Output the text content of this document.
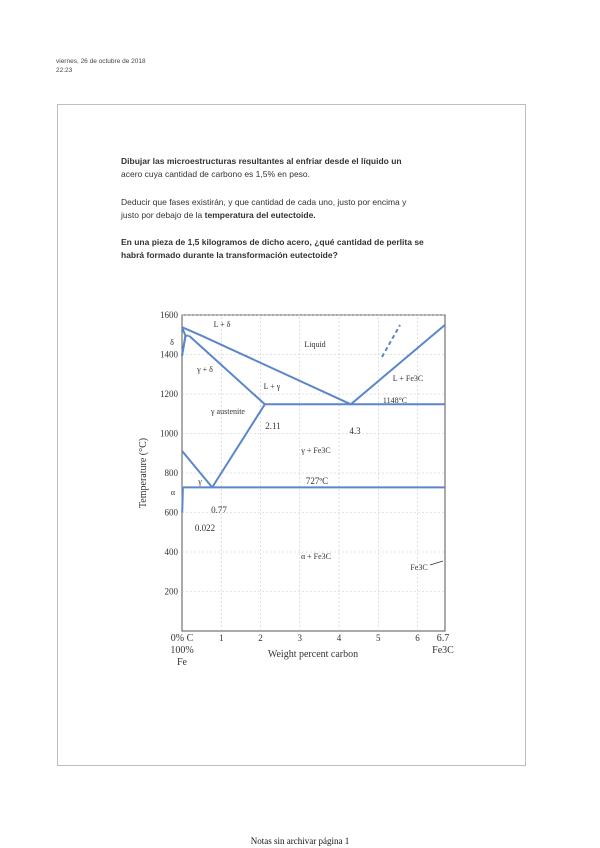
viernes, 26 de octubre de 2018
22:23
Dibujar las microestructuras resultantes al enfriar desde el líquido un
acero cuya cantidad de carbono es 1,5% en peso.
Deducir que fases existirán, y que cantidad de cada uno, justo por encima y
justo por debajo de la temperatura del eutectoide.
En una pieza de 1,5 kilogramos de dicho acero, ¿qué cantidad de perlita se
habrá formado durante la transformación eutectoide?
200
400
600
800
1000
1200
1400
1600
1	2	3	4	5	6
Weight percent carbon
Temperature (°C)
0% C
100%
Fe
6.7
Fe3C
Liquid
L + δ
δ
γ + δ
L + γ
γ austenite
L + Fe3C
γ + Fe3C
α
γ
α + Fe3C
Fe3C
4.3
1148°C
2.11
0.77
727ºC
0.022
Notas sin archivar página 1
